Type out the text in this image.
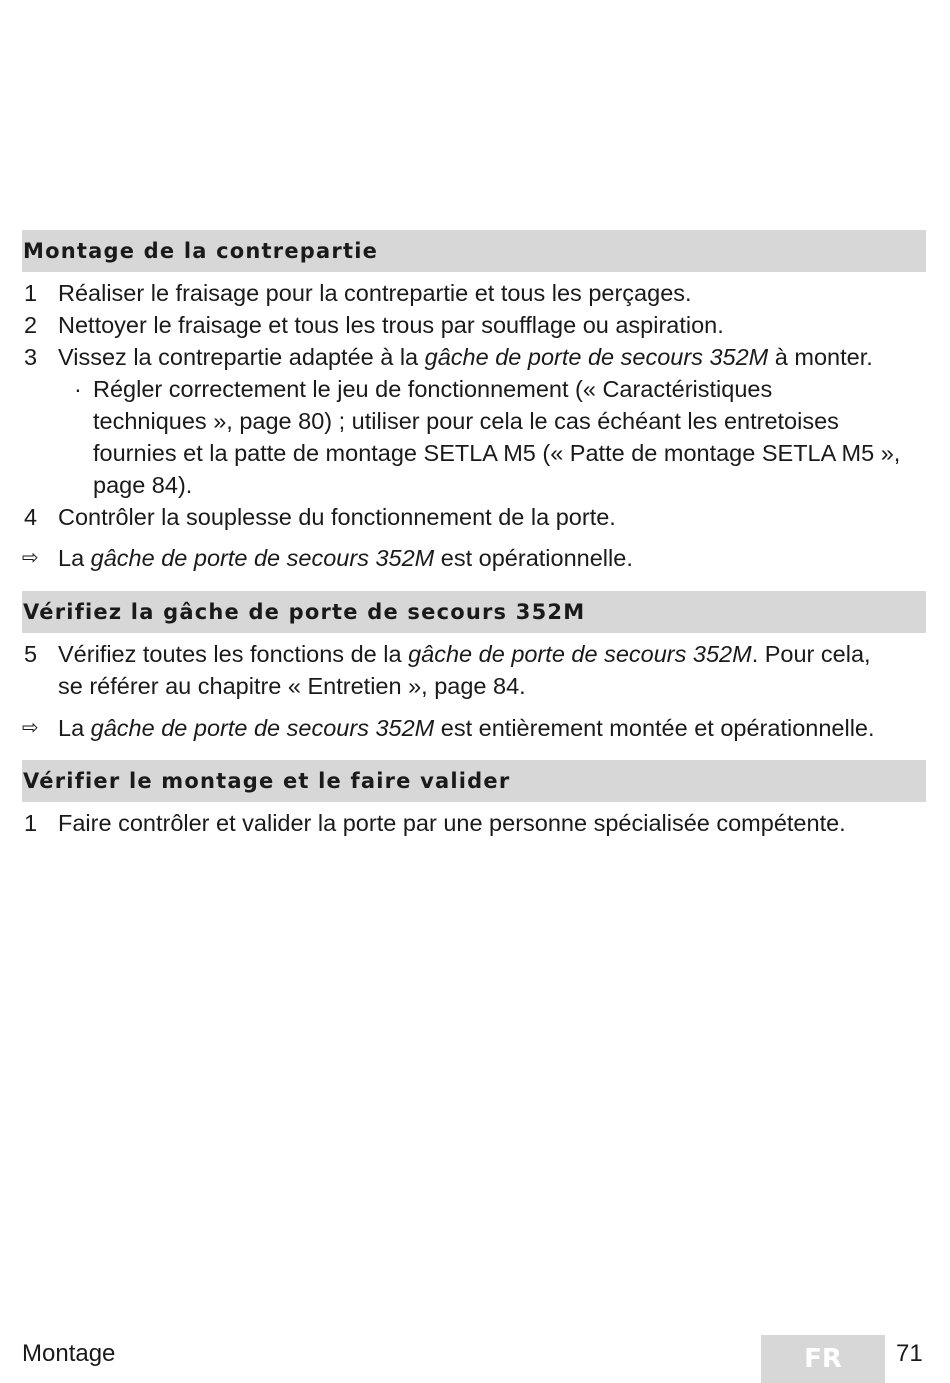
Montage de la contrepartie
1 Réaliser le fraisage pour la contrepartie et tous les perçages.
2 Nettoyer le fraisage et tous les trous par soufflage ou aspiration.
3 Vissez la contrepartie adaptée à la gâche de porte de secours 352M à monter.
· Régler correctement le jeu de fonctionnement (« Caractéristiques
techniques », page 80) ; utiliser pour cela le cas échéant les entretoises
fournies et la patte de montage SETLA M5 (« Patte de montage SETLA M5 »,
page 84).
4 Contrôler la souplesse du fonctionnement de la porte.
⇨ La gâche de porte de secours 352M est opérationnelle.
Vérifiez la gâche de porte de secours 352M
5 Vérifiez toutes les fonctions de la gâche de porte de secours 352M. Pour cela,
se référer au chapitre « Entretien », page 84.
⇨ La gâche de porte de secours 352M est entièrement montée et opérationnelle.
Vérifier le montage et le faire valider
1 Faire contrôler et valider la porte par une personne spécialisée compétente.
Montage	FR	71
